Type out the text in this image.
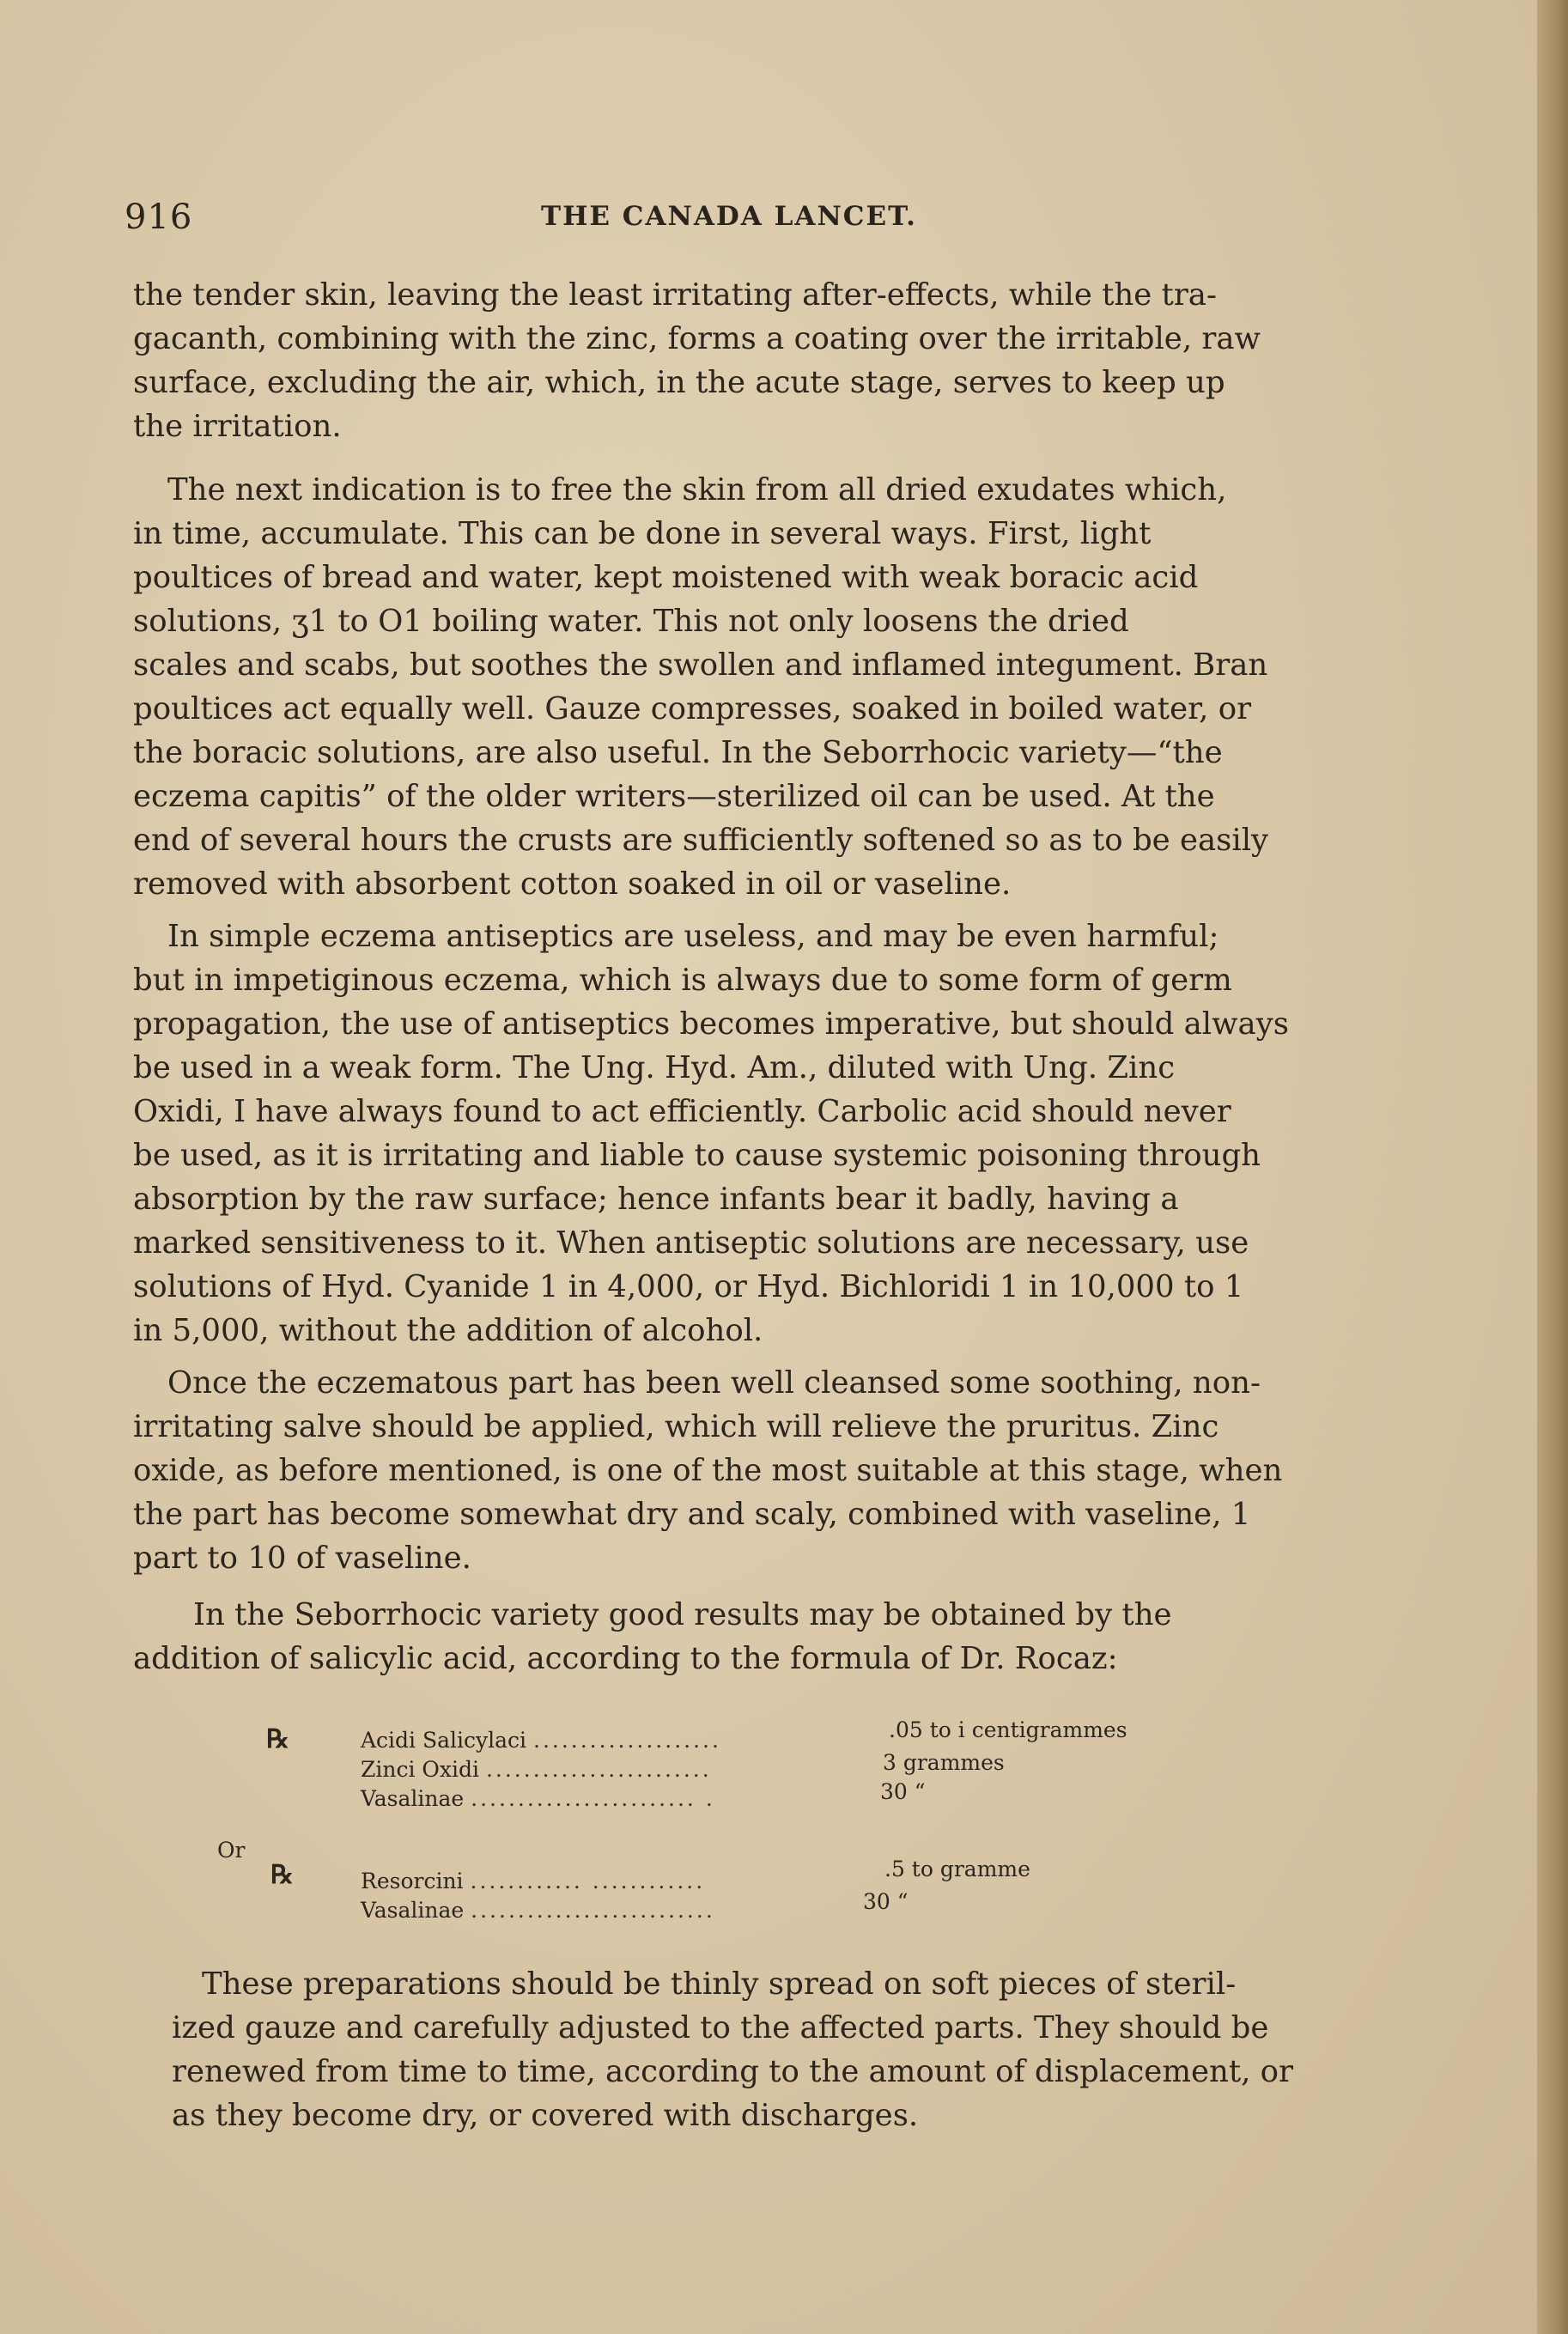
916	THE CANADA LANCET.

the tender skin, leaving the least irritating after-effects, while the tra-
gacanth, combining with the zinc, forms a coating over the irritable, raw
surface, excluding the air, which, in the acute stage, serves to keep up
the irritation.

The next indication is to free the skin from all dried exudates which,
in time, accumulate. This can be done in several ways. First, light
poultices of bread and water, kept moistened with weak boracic acid
solutions, ʒ1 to O1 boiling water. This not only loosens the dried
scales and scabs, but soothes the swollen and inflamed integument. Bran
poultices act equally well. Gauze compresses, soaked in boiled water, or
the boracic solutions, are also useful. In the Seborrhocic variety—“the
eczema capitis” of the older writers—sterilized oil can be used. At the
end of several hours the crusts are sufficiently softened so as to be easily
removed with absorbent cotton soaked in oil or vaseline.

In simple eczema antiseptics are useless, and may be even harmful;
but in impetiginous eczema, which is always due to some form of germ
propagation, the use of antiseptics becomes imperative, but should always
be used in a weak form. The Ung. Hyd. Am., diluted with Ung. Zinc
Oxidi, I have always found to act efficiently. Carbolic acid should never
be used, as it is irritating and liable to cause systemic poisoning through
absorption by the raw surface; hence infants bear it badly, having a
marked sensitiveness to it. When antiseptic solutions are necessary, use
solutions of Hyd. Cyanide 1 in 4,000, or Hyd. Bichloridi 1 in 10,000 to 1
in 5,000, without the addition of alcohol.

Once the eczematous part has been well cleansed some soothing, non-
irritating salve should be applied, which will relieve the pruritus. Zinc
oxide, as before mentioned, is one of the most suitable at this stage, when
the part has become somewhat dry and scaly, combined with vaseline, 1
part to 10 of vaseline.

In the Seborrhocic variety good results may be obtained by the
addition of salicylic acid, according to the formula of Dr. Rocaz:

℞	Acidi Salicylaci ....................	.05 to i centigrammes
Zinci Oxidi ........................	3 grammes
Vasalinae ........................ .	30 “
Or
℞	Resorcini ............ ............	.5 to gramme
Vasalinae ..........................	30 “

These preparations should be thinly spread on soft pieces of steril-
ized gauze and carefully adjusted to the affected parts. They should be
renewed from time to time, according to the amount of displacement, or
as they become dry, or covered with discharges.
